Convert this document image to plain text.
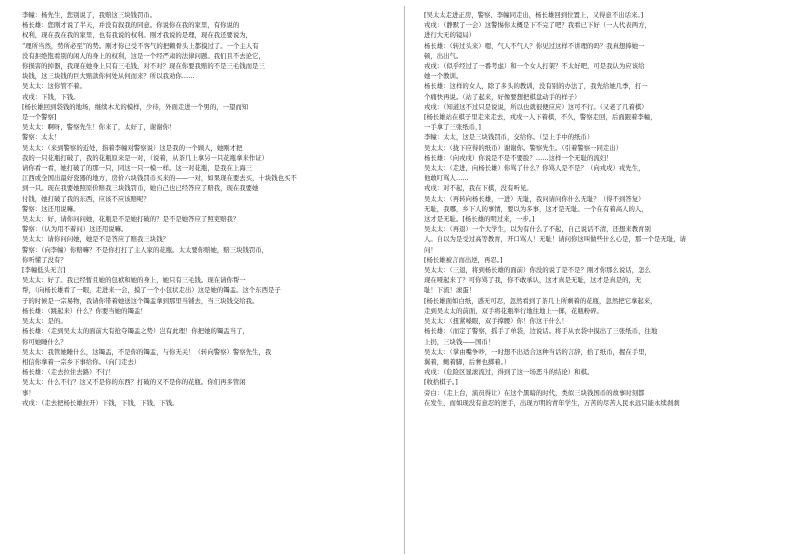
李幢：杨先生，您别说了，我赔这三块钱罚币。

杨长雄：您刚才说了半天，并没有叙我的同意。你说你在我的家里，有你说的

权利，现在我在我的家里，也有我说的权利。刚才我说的是理，现在我还要说为，

“理所当然，势所必至”的势。刚才你已受不客气的把赖骨头上都摸过了。一个主人有

没有拒绝饱看别的闲人的身上的权利，这是一个经严肃的法律问题。我们且不去论它，

你损害的掉器，我现在她身上只有三毛钱，对不对？现在你要我赔的不是三毛钱而是三

块钱，这三块钱的巨大赔款你何处从何而来？所以我劝你……

吴太太：这你管不着。

戎戌：下钱，下钱。

[杨长雄回到袋钱的地场，继续木尤的模样，少待，外面走进一个男的，一望而知

是一个警察]

吴太太：啊呀，警察先生！你来了，太好了，谢谢你！

警察：太太！

吴太太：（来到警察的近处，指着李幢对警察说）这是我的一个顾人，她刚才把

我的一只花瓶打破了，我的花瓶原来是一对，（说着，从茶几上拿另一只花瓶拿来作证）

请你看一看，她打破了的那一只，同这一只一模一样。这一对花瓶，是我在上海三

江西或全国出最好瓷器的地方，房价六块钱罚币买来的——一对，如果现在要去买，十块钱也买不

到一只。现在我要她照原价赔我三块钱罚币，她自己也已经答应了赔我，现在我要她

付钱，她打破了我的东西，应该不应该赔呢？

警察：这还用说嘛。

吴太太：好，请你问问她，花瓶是不是她打破的？是不是她答应了照吏赔我？

警察：（认为用不着问）这还用说嘛。

吴太太：请你问问她，她是不是答应了赔我三块钱？

警察：（向李幢）你赔嘛？不是你打打了主人家的花瓶。太太要你赔她，赔三块钱罚币，

你听懂了没有？

[李幢低头无言]

吴太太：好了。我已经暂且她的包袱和她的身上，她只有三毛钱。现在请你帮一

帮，（向杨长雄看了一眼，走进来一会，摸了一个小包状走出）这是她的镯盂。这个东西是子

子的时候是一宗易物，我请你带着她送这个镯盂拿到那里当铺去，当三块钱交给我。

杨长雄：（跳起来）什么？你要当她的镯盂！

吴太太：是的。

杨长雄：（走到吴太太的面前大有抢夺镯盂之势）岂有此理！你把她的镯盂当了，

你可她睡什么？

吴太太：我管她睡什么，这镯盂，不是你的镯盂，与你无关！（转向警察）警察先生，我

相信你拿着一宗乡下事给你。（向门走去）

杨长雄：（走去拉住去路）不行！

吴太太：什么不行？这又不是你的东西？打破的又不是你的花瓶。你们再多管闲

事！

戎戌：（走去把杨长雄拉开）下钱，下钱，下钱，下钱。

[吴太太走进正房，警察、李幢同走出，杨长雄回到位置上，又得意不出话来。]

戎戌：（静默了一会）这警惕你太概是下不完了吧？我看已下好（一人代表两方，

进行大无的镜局）

杨长雄：（转过头来）嗯，气人不气人？你见过这样不讲理的吗？我真想捧她一

顿，出出气。

戎戌：（似乎经过了一番考虑）和一个女人打架？不太好吧，可是我认为应该给

她一个教训。

杨长雄：这样的女人，除了多头的教训，没有别的办法了，我先给她几季，打一

个痛快再说。（站了起来，好像要想把棋盘动手的样子）

戎戌：（知道这不过只是说说，所以也就很便应应）这可不行。（又老了几着棋）

[杨长雄站在棋子里走来走去，戎戌一人下着棋，不久，警察走回，后面跟着李幢，

一手拿了三张纸币，]

李幢：太太，这是三块钱罚币，交给你。（呈上手中的纸币）

吴太太：（拢下应得的纸币）谢谢你。警察先生。（引着警察一同走出）

杨长雄：（向戎戌）你说是不是不要脸？……这样一个无耻的流妇！

吴太太：（走进，向杨长雄）你骂了什么？你骂人是不是？（向戎戌）戎先生，

他敢叮骂人……

戎戌：对不起，我在下棋，没有听见。

吴太太：（再转向杨长雄，一进）无耻，我问请问你什么无耻？（得不到答复）

无耻，我哪，乡下人的事情，要以为多事，这才是无耻。一个在有着高人的人，

这才是无耻。[杨长雄的明过来，一步。]

吴太太：（再退）一个大学生，以为有什么了不起，自己说话不清，还想来教育别

人。自以为是受过高等教育，开口骂人！无耻！请问你这叫做些什么心是，那一个是无耻，请

问！

[杨长雄被言而出逆，再忍。]

吴太太：（三退，将到杨长雄的面前）你没的说了是不是？刚才你那么说话，怎么

现在哑起来了？可你骂了我，你不敢承认，这才真是无耻，这才是真是的，无

耻！下流！滚蛋！

[杨长雄面如白纸，惑无可忍，忽然看到了茶几上所剩着的花瓶，忽然把它拿起来，

走到吴太太的前面，双手将花瓶举行地往地上一掷，花瓶粉碎。

吴太太：（扭紧嗓眼，双手撑腰）你！你这干什么！

杨长雄：（而定了警察，摇手了单袋，边说话。将手从衣袋中摸出了三张纸币，往地

上扔，三块钱——国币！

吴太太：（掌由嘴争吵，一时想不出适合这种当话的言辞，拾了纸币，握在手里，

翼着，鲍着脚，后奢也掷着。）

戎戌：（危险区显滚流过，得到了这一场恶斗的结论）和棋。

[收拾棋子。]

旁白：（走上台，演员得让）在这个黑暗的时代，类似三块钱国币的故事时刻都

在发生，而如现没有意忍的逆手，出现方明的青年学生，万苦的尽苦人民永远只能永续刹刹
